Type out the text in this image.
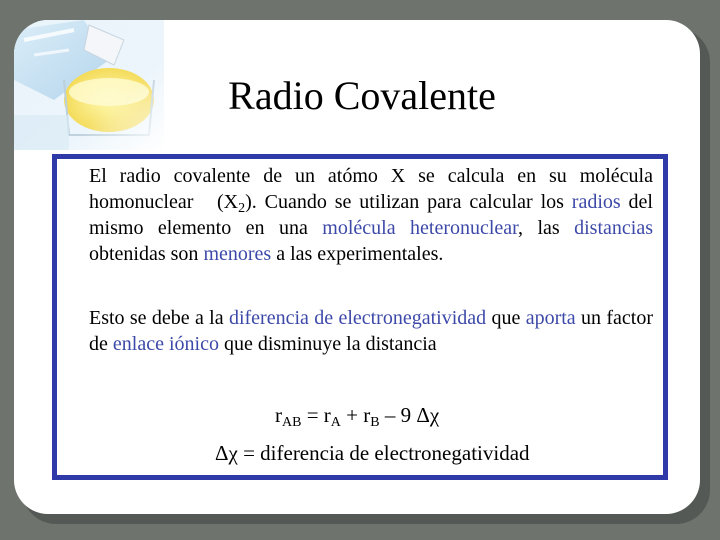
Radio Covalente
El radio covalente de un atómo X se calcula en su molécula homonuclear   $(X_2)$. Cuando se utilizan para calcular los radios del mismo elemento en una molécula heteronuclear, las distancias obtenidas son menores a las experimentales.
Esto se debe a la diferencia de electronegatividad que aporta un factor de enlace iónico que disminuye la distancia
$r_{AB} = r_A + r_B - 9$ Δχ
Δχ = diferencia de electronegatividad
